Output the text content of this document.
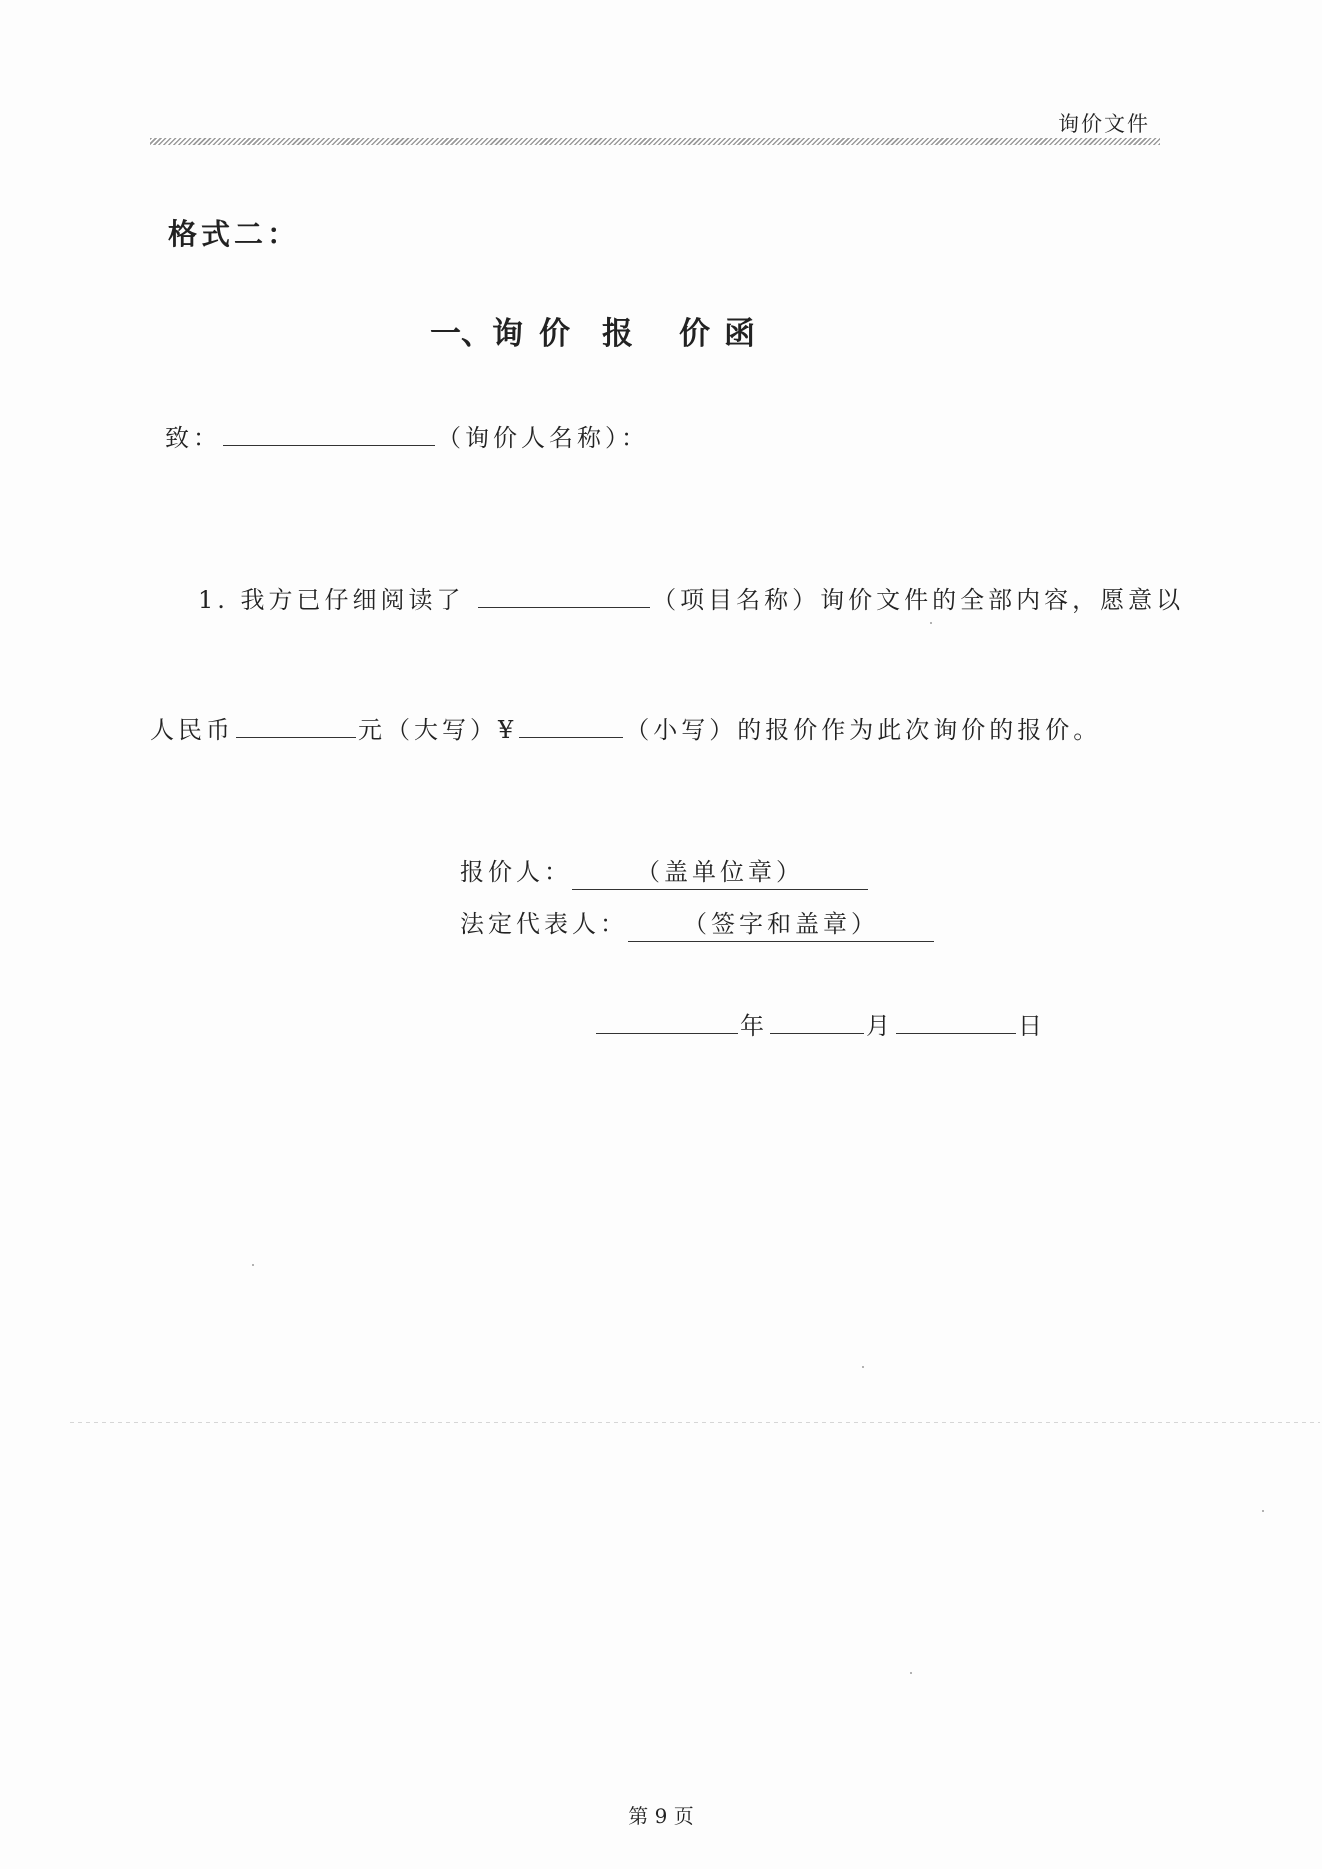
询价文件
格式二：
一、询 价 报 价函
致：	（询价人名称）：
1. 我方已仔细阅读了	（项目名称）询价文件的全部内容，愿意以
人民币	元（大写）¥	（小写）的报价作为此次询价的报价。
报价人：	（盖单位章）
法定代表人： （签字和盖章）
年	月	日
第 9 页
